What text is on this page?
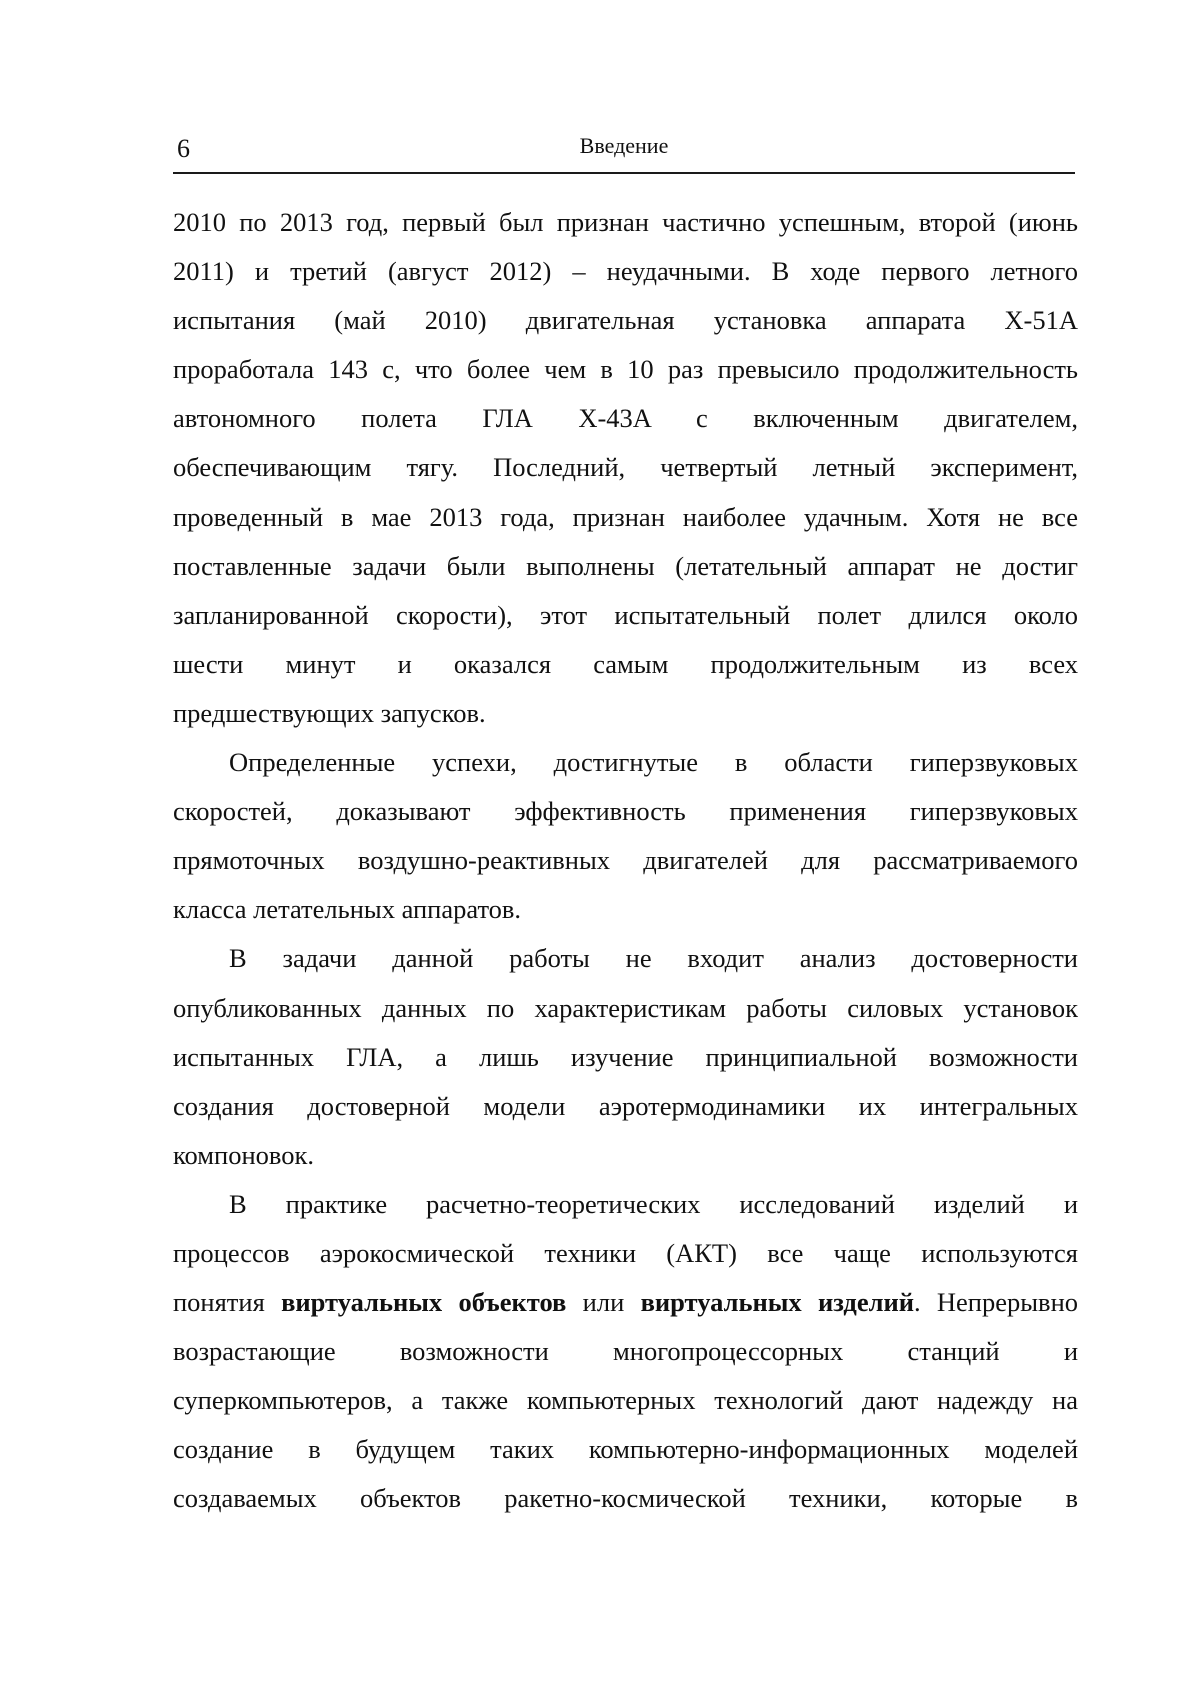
6	Введение
2010 по 2013 год, первый был признан частично успешным, второй (июнь
2011) и третий (август 2012) – неудачными. В ходе первого летного
испытания (май 2010) двигательная установка аппарата X-51A
проработала 143 с, что более чем в 10 раз превысило продолжительность
автономного полета ГЛА X-43A с включенным двигателем,
обеспечивающим тягу. Последний, четвертый летный эксперимент,
проведенный в мае 2013 года, признан наиболее удачным. Хотя не все
поставленные задачи были выполнены (летательный аппарат не достиг
запланированной скорости), этот испытательный полет длился около
шести минут и оказался самым продолжительным из всех
предшествующих запусков.
Определенные успехи, достигнутые в области гиперзвуковых
скоростей, доказывают эффективность применения гиперзвуковых
прямоточных воздушно-реактивных двигателей для рассматриваемого
класса летательных аппаратов.
В задачи данной работы не входит анализ достоверности
опубликованных данных по характеристикам работы силовых установок
испытанных ГЛА, а лишь изучение принципиальной возможности
создания достоверной модели аэротермодинамики их интегральных
компоновок.
В практике расчетно-теоретических исследований изделий и
процессов аэрокосмической техники (АКТ) все чаще используются
понятия виртуальных объектов или виртуальных изделий. Непрерывно
возрастающие возможности многопроцессорных станций и
суперкомпьютеров, а также компьютерных технологий дают надежду на
создание в будущем таких компьютерно-информационных моделей
создаваемых объектов ракетно-космической техники, которые в
